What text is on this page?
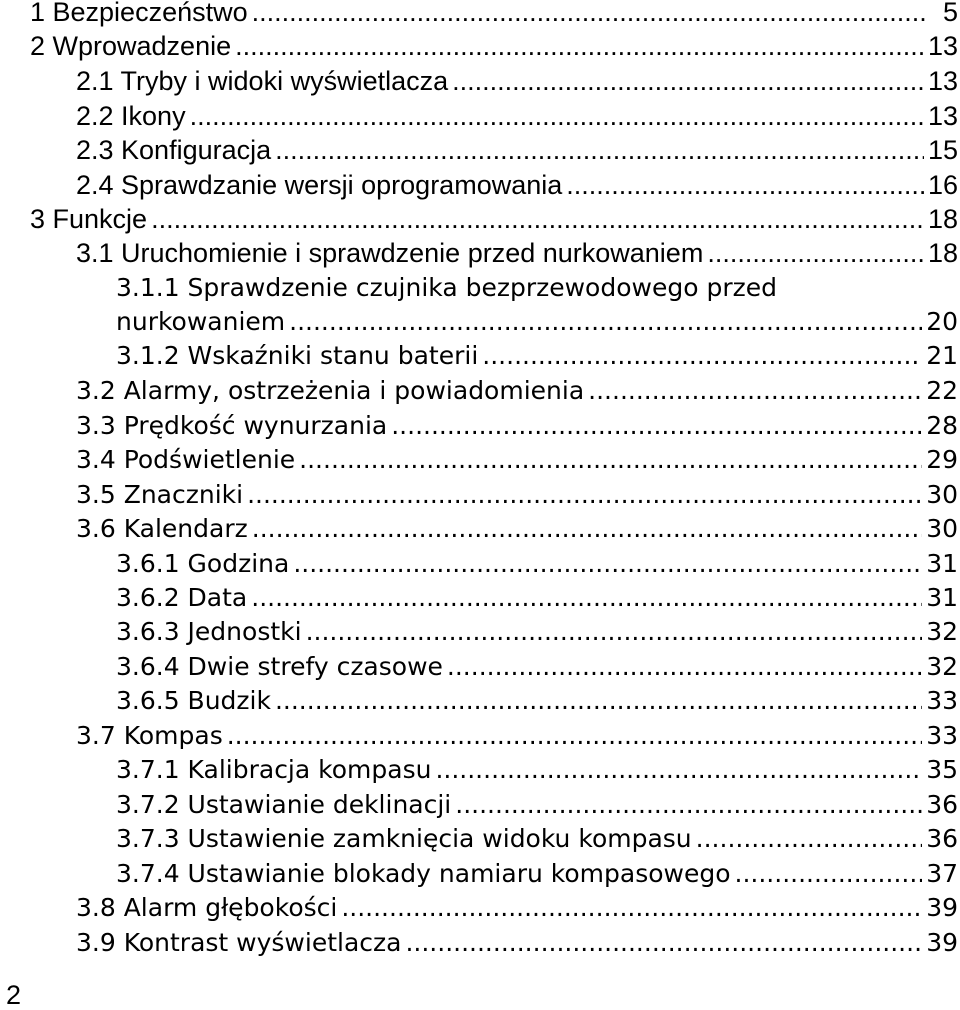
1 Bezpieczeństwo .....	5
2 Wprowadzenie .....	13
2.1 Tryby i widoki wyświetlacza .....	13
2.2 Ikony .....	13
2.3 Konfiguracja .....	15
2.4 Sprawdzanie wersji oprogramowania .....	16
3 Funkcje .....	18
3.1 Uruchomienie i sprawdzenie przed nurkowaniem .....	18
3.1.1 Sprawdzenie czujnika bezprzewodowego przed
nurkowaniem .....	20
3.1.2 Wskaźniki stanu baterii .....	21
3.2 Alarmy, ostrzeżenia i powiadomienia .....	22
3.3 Prędkość wynurzania .....	28
3.4 Podświetlenie .....	29
3.5 Znaczniki .....	30
3.6 Kalendarz .....	30
3.6.1 Godzina .....	31
3.6.2 Data .....	31
3.6.3 Jednostki .....	32
3.6.4 Dwie strefy czasowe .....	32
3.6.5 Budzik .....	33
3.7 Kompas .....	33
3.7.1 Kalibracja kompasu .....	35
3.7.2 Ustawianie deklinacji .....	36
3.7.3 Ustawienie zamknięcia widoku kompasu .....	36
3.7.4 Ustawianie blokady namiaru kompasowego .....	37
3.8 Alarm głębokości .....	39
3.9 Kontrast wyświetlacza .....	39
2
